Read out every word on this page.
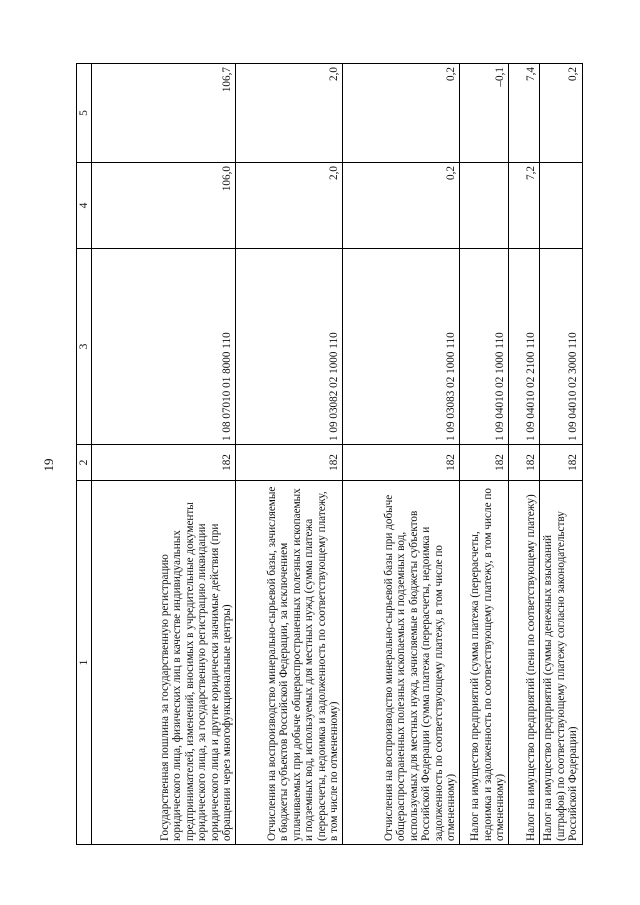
19
1	2	3	4	5
Государственная пошлина за государственную регистрацию юридического лица, физических лиц в качестве индивидуальных предпринимателей, изменений, вносимых в учредительные документы юридического лица, за государственную регистрацию ликвидации юридического лица и другие юридически значимые действия (при обращении через многофункциональные центры)	182	1 08 07010 01 8000 110	106,0	106,7
Отчисления на воспроизводство минерально-сырьевой базы, зачисляемые в бюджеты субъектов Российской Федерации, за исключением уплачиваемых при добыче общераспространенных полезных ископаемых и подземных вод, используемых для местных нужд (сумма платежа (перерасчеты, недоимка и задолженность по соответствующему платежу, в том числе по отмененному)	182	1 09 03082 02 1000 110	2,0	2,0
Отчисления на воспроизводство минерально-сырьевой базы при добыче общераспространенных полезных ископаемых и подземных вод, используемых для местных нужд, зачисляемые в бюджеты субъектов Российской Федерации (сумма платежа (перерасчеты, недоимка и задолженность по соответствующему платежу, в том числе по отмененному)	182	1 09 03083 02 1000 110	0,2	0,2
Налог на имущество предприятий (сумма платежа (перерасчеты, недоимка и задолженность по соответствующему платежу, в том числе по отмененному)	182	1 09 04010 02 1000 110		–0,1
Налог на имущество предприятий (пени по соответствующему платежу)	182	1 09 04010 02 2100 110	7,2	7,4
Налог на имущество предприятий (суммы денежных взысканий (штрафов) по соответствующему платежу согласно законодательству Российской Федерации)	182	1 09 04010 02 3000 110		0,2
